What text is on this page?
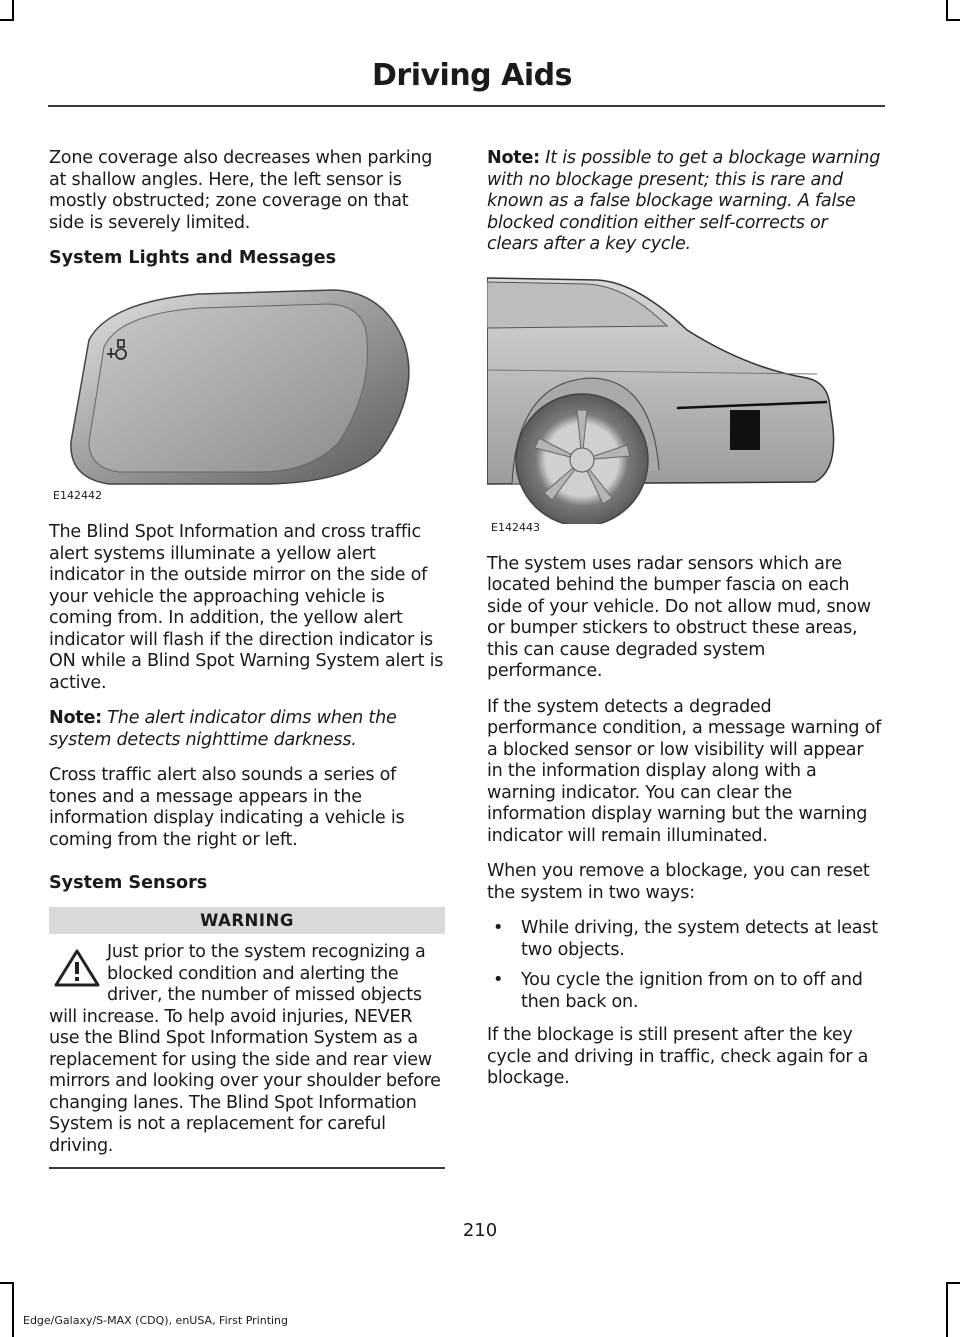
Driving Aids

Zone coverage also decreases when parking at shallow angles. Here, the left sensor is mostly obstructed; zone coverage on that side is severely limited.

System Lights and Messages
E142442

The Blind Spot Information and cross traffic alert systems illuminate a yellow alert indicator in the outside mirror on the side of your vehicle the approaching vehicle is coming from. In addition, the yellow alert indicator will flash if the direction indicator is ON while a Blind Spot Warning System alert is active.

Note: The alert indicator dims when the system detects nighttime darkness.

Cross traffic alert also sounds a series of tones and a message appears in the information display indicating a vehicle is coming from the right or left.

System Sensors
WARNING
Just prior to the system recognizing a blocked condition and alerting the driver, the number of missed objects will increase. To help avoid injuries, NEVER use the Blind Spot Information System as a replacement for using the side and rear view mirrors and looking over your shoulder before changing lanes. The Blind Spot Information System is not a replacement for careful driving.

Note: It is possible to get a blockage warning with no blockage present; this is rare and known as a false blockage warning. A false blocked condition either self-corrects or clears after a key cycle.

E142443

The system uses radar sensors which are located behind the bumper fascia on each side of your vehicle. Do not allow mud, snow or bumper stickers to obstruct these areas, this can cause degraded system performance.

If the system detects a degraded performance condition, a message warning of a blocked sensor or low visibility will appear in the information display along with a warning indicator. You can clear the information display warning but the warning indicator will remain illuminated.

When you remove a blockage, you can reset the system in two ways:

• While driving, the system detects at least two objects.
• You cycle the ignition from on to off and then back on.

If the blockage is still present after the key cycle and driving in traffic, check again for a blockage.

210
Edge/Galaxy/S-MAX (CDQ), enUSA, First Printing
